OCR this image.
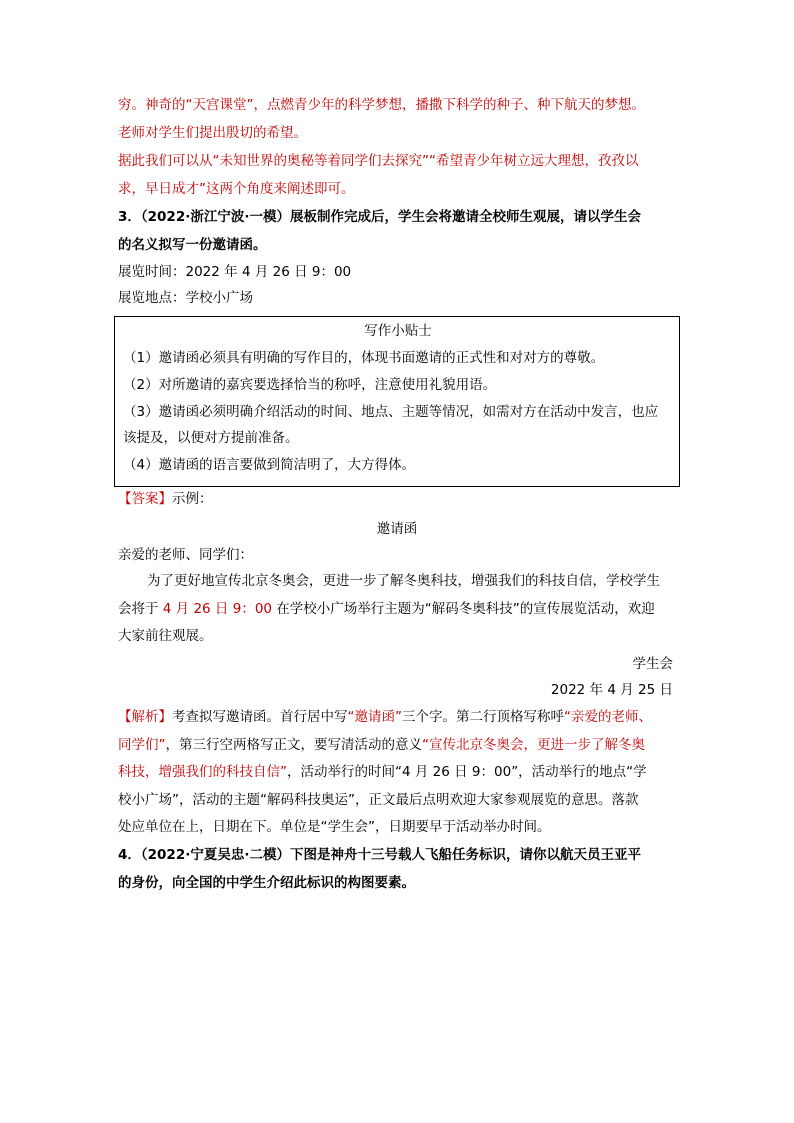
穷。神奇的“天宫课堂”，点燃青少年的科学梦想，播撒下科学的种子、种下航天的梦想。
老师对学生们提出殷切的希望。
据此我们可以从“未知世界的奥秘等着同学们去探究”“希望青少年树立远大理想，孜孜以
求，早日成才”这两个角度来阐述即可。
3．（2022·浙江宁波·一模）展板制作完成后，学生会将邀请全校师生观展，请以学生会
的名义拟写一份邀请函。
展览时间：2022 年 4 月 26 日 9：00
展览地点：学校小广场
写作小贴士
（1）邀请函必须具有明确的写作目的，体现书面邀请的正式性和对对方的尊敬。
（2）对所邀请的嘉宾要选择恰当的称呼，注意使用礼貌用语。
（3）邀请函必须明确介绍活动的时间、地点、主题等情况，如需对方在活动中发言，也应
该提及，以便对方提前准备。
（4）邀请函的语言要做到简洁明了，大方得体。
【答案】示例：
邀请函
亲爱的老师、同学们：
为了更好地宣传北京冬奥会，更进一步了解冬奥科技，增强我们的科技自信，学校学生
会将于 4 月 26 日 9：00 在学校小广场举行主题为“解码冬奥科技”的宣传展览活动，欢迎
大家前往观展。
学生会
2022 年 4 月 25 日
【解析】考查拟写邀请函。首行居中写“邀请函”三个字。第二行顶格写称呼“亲爱的老师、
同学们”，第三行空两格写正文，要写清活动的意义“宣传北京冬奥会，更进一步了解冬奥
科技，增强我们的科技自信”，活动举行的时间“4 月 26 日 9：00”，活动举行的地点“学
校小广场”，活动的主题“解码科技奥运”，正文最后点明欢迎大家参观展览的意思。落款
处应单位在上，日期在下。单位是“学生会”，日期要早于活动举办时间。
4．（2022·宁夏吴忠·二模）下图是神舟十三号载人飞船任务标识，请你以航天员王亚平
的身份，向全国的中学生介绍此标识的构图要素。
